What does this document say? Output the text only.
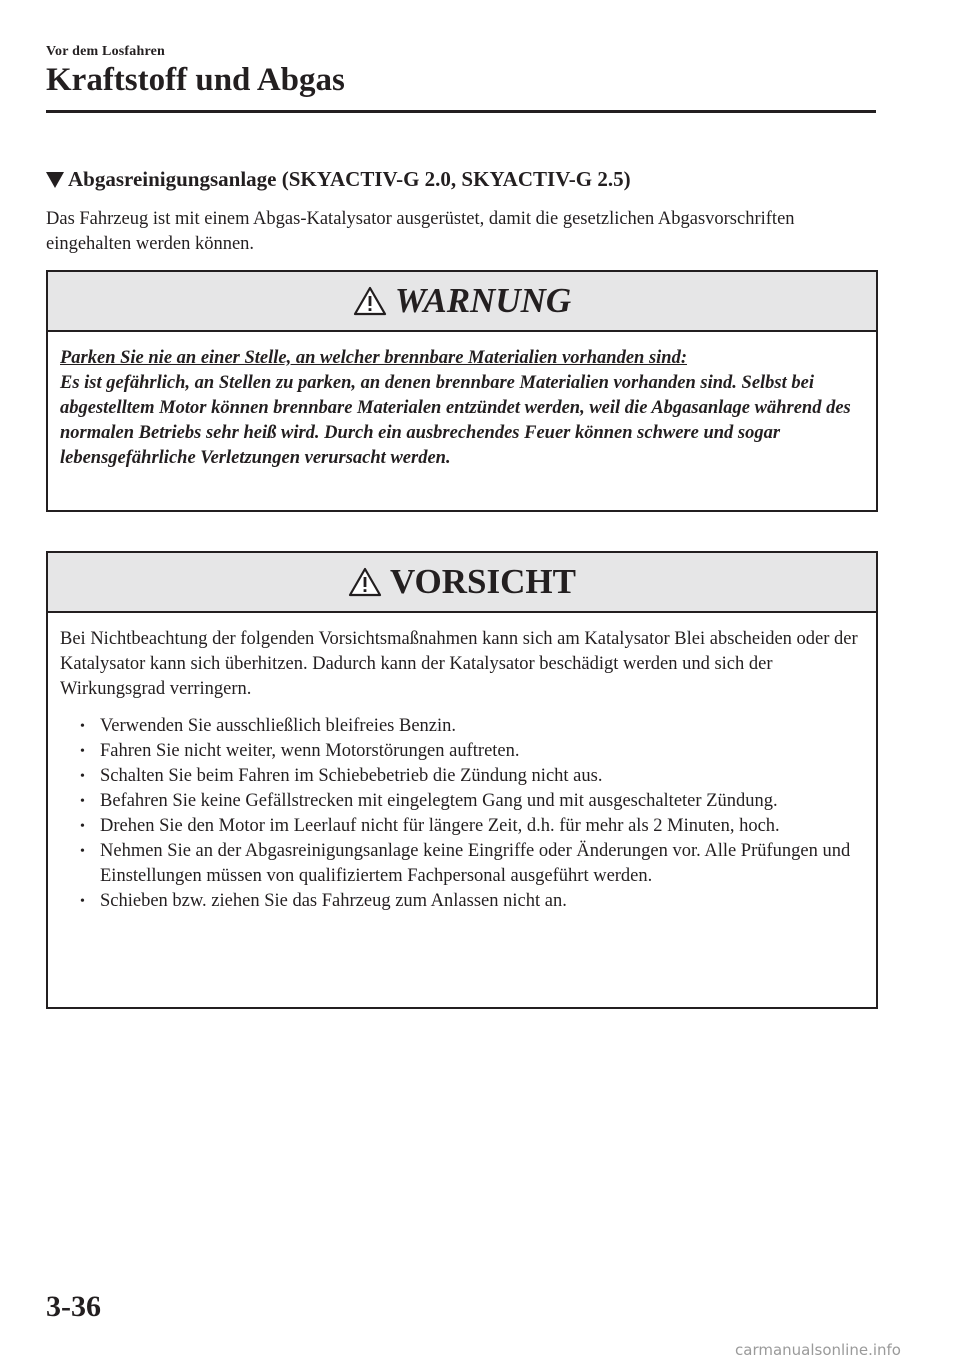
Vor dem Losfahren
Kraftstoff und Abgas
Abgasreinigungsanlage (SKYACTIV-G 2.0, SKYACTIV-G 2.5)
Das Fahrzeug ist mit einem Abgas-Katalysator ausgerüstet, damit die gesetzlichen Abgasvorschriften eingehalten werden können.
WARNUNG
Parken Sie nie an einer Stelle, an welcher brennbare Materialien vorhanden sind:
Es ist gefährlich, an Stellen zu parken, an denen brennbare Materialien vorhanden sind. Selbst bei abgestelltem Motor können brennbare Materialen entzündet werden, weil die Abgasanlage während des normalen Betriebs sehr heiß wird. Durch ein ausbrechendes Feuer können schwere und sogar lebensgefährliche Verletzungen verursacht werden.
VORSICHT
Bei Nichtbeachtung der folgenden Vorsichtsmaßnahmen kann sich am Katalysator Blei abscheiden oder der Katalysator kann sich überhitzen. Dadurch kann der Katalysator beschädigt werden und sich der Wirkungsgrad verringern.
• Verwenden Sie ausschließlich bleifreies Benzin.
• Fahren Sie nicht weiter, wenn Motorstörungen auftreten.
• Schalten Sie beim Fahren im Schiebebetrieb die Zündung nicht aus.
• Befahren Sie keine Gefällstrecken mit eingelegtem Gang und mit ausgeschalteter Zündung.
• Drehen Sie den Motor im Leerlauf nicht für längere Zeit, d.h. für mehr als 2 Minuten, hoch.
• Nehmen Sie an der Abgasreinigungsanlage keine Eingriffe oder Änderungen vor. Alle Prüfungen und Einstellungen müssen von qualifiziertem Fachpersonal ausgeführt werden.
• Schieben bzw. ziehen Sie das Fahrzeug zum Anlassen nicht an.
3-36
carmanualsonline.info
